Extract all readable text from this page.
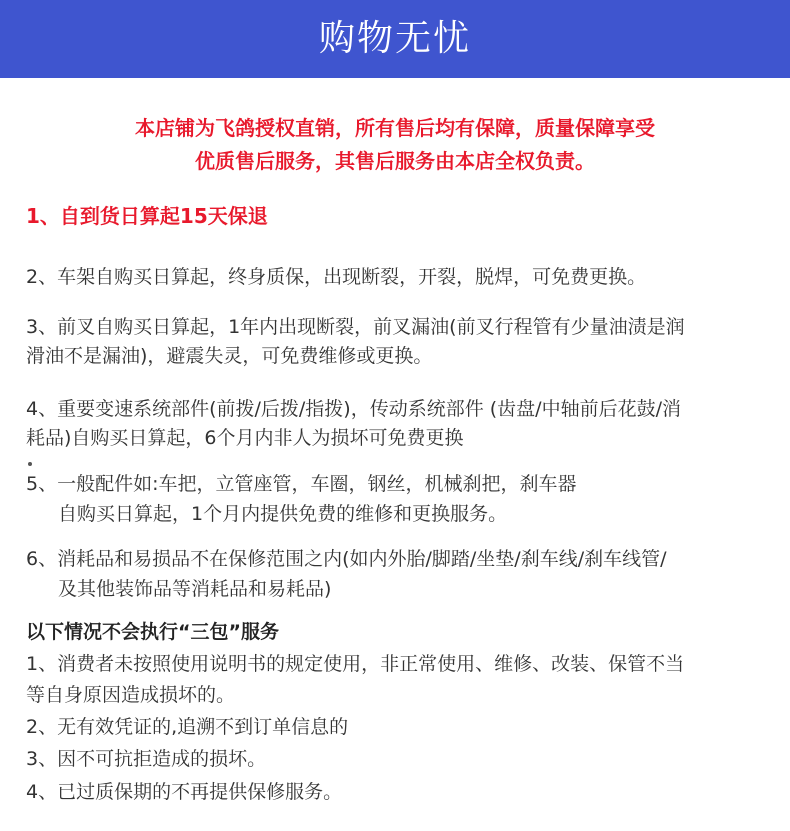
购物无忧
本店铺为飞鸽授权直销，所有售后均有保障，质量保障享受
优质售后服务，其售后服务由本店全权负责。
1、自到货日算起15天保退
2、车架自购买日算起，终身质保，出现断裂，开裂，脱焊，可免费更换。
3、前叉自购买日算起，1年内出现断裂，前叉漏油(前叉行程管有少量油渍是润
滑油不是漏油)，避震失灵，可免费维修或更换。
4、重要变速系统部件(前拨/后拨/指拨)，传动系统部件 (齿盘/中轴前后花鼓/消
耗品)自购买日算起，6个月内非人为损坏可免费更换
5、一般配件如:车把，立管座管，车圈，钢丝，机械刹把，刹车器
自购买日算起，1个月内提供免费的维修和更换服务。
6、消耗品和易损品不在保修范围之内(如内外胎/脚踏/坐垫/刹车线/刹车线管/
及其他装饰品等消耗品和易耗品)
以下情况不会执行“三包”服务
1、消费者未按照使用说明书的规定使用，非正常使用、维修、改装、保管不当
等自身原因造成损坏的。
2、无有效凭证的,追溯不到订单信息的
3、因不可抗拒造成的损坏。
4、已过质保期的不再提供保修服务。
